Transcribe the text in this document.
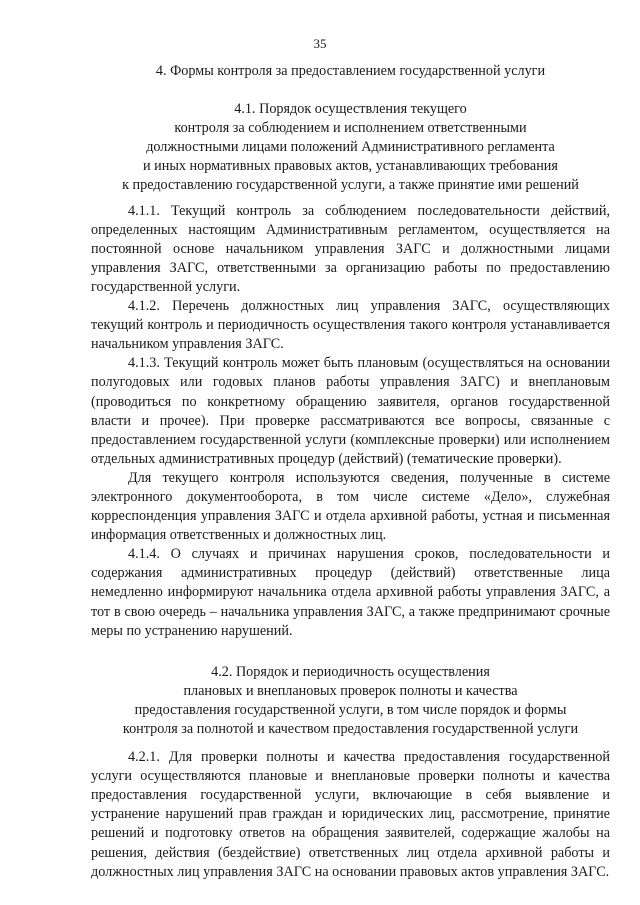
35
4. Формы контроля за предоставлением государственной услуги
4.1. Порядок осуществления текущего
контроля за соблюдением и исполнением ответственными
должностными лицами положений Административного регламента
и иных нормативных правовых актов, устанавливающих требования
к предоставлению государственной услуги, а также принятие ими решений

4.1.1. Текущий контроль за соблюдением последовательности действий, определенных настоящим Административным регламентом, осуществляется на постоянной основе начальником управления ЗАГС и должностными лицами управления ЗАГС, ответственными за организацию работы по предоставлению государственной услуги.

4.1.2. Перечень должностных лиц управления ЗАГС, осуществляющих текущий контроль и периодичность осуществления такого контроля устанавливается начальником управления ЗАГС.

4.1.3. Текущий контроль может быть плановым (осуществляться на основании полугодовых или годовых планов работы управления ЗАГС) и внеплановым (проводиться по конкретному обращению заявителя, органов государственной власти и прочее). При проверке рассматриваются все вопросы, связанные с предоставлением государственной услуги (комплексные проверки) или исполнением отдельных административных процедур (действий) (тематические проверки).

Для текущего контроля используются сведения, полученные в системе электронного документооборота, в том числе системе «Дело», служебная корреспонденция управления ЗАГС и отдела архивной работы, устная и письменная информация ответственных и должностных лиц.

4.1.4. О случаях и причинах нарушения сроков, последовательности и содержания административных процедур (действий) ответственные лица немедленно информируют начальника отдела архивной работы управления ЗАГС, а тот в свою очередь – начальника управления ЗАГС, а также предпринимают срочные меры по устранению нарушений.

4.2. Порядок и периодичность осуществления
плановых и внеплановых проверок полноты и качества
предоставления государственной услуги, в том числе порядок и формы
контроля за полнотой и качеством предоставления государственной услуги

4.2.1. Для проверки полноты и качества предоставления государственной услуги осуществляются плановые и внеплановые проверки полноты и качества предоставления государственной услуги, включающие в себя выявление и устранение нарушений прав граждан и юридических лиц, рассмотрение, принятие решений и подготовку ответов на обращения заявителей, содержащие жалобы на решения, действия (бездействие) ответственных лиц отдела архивной работы и должностных лиц управления ЗАГС на основании правовых актов управления ЗАГС.
